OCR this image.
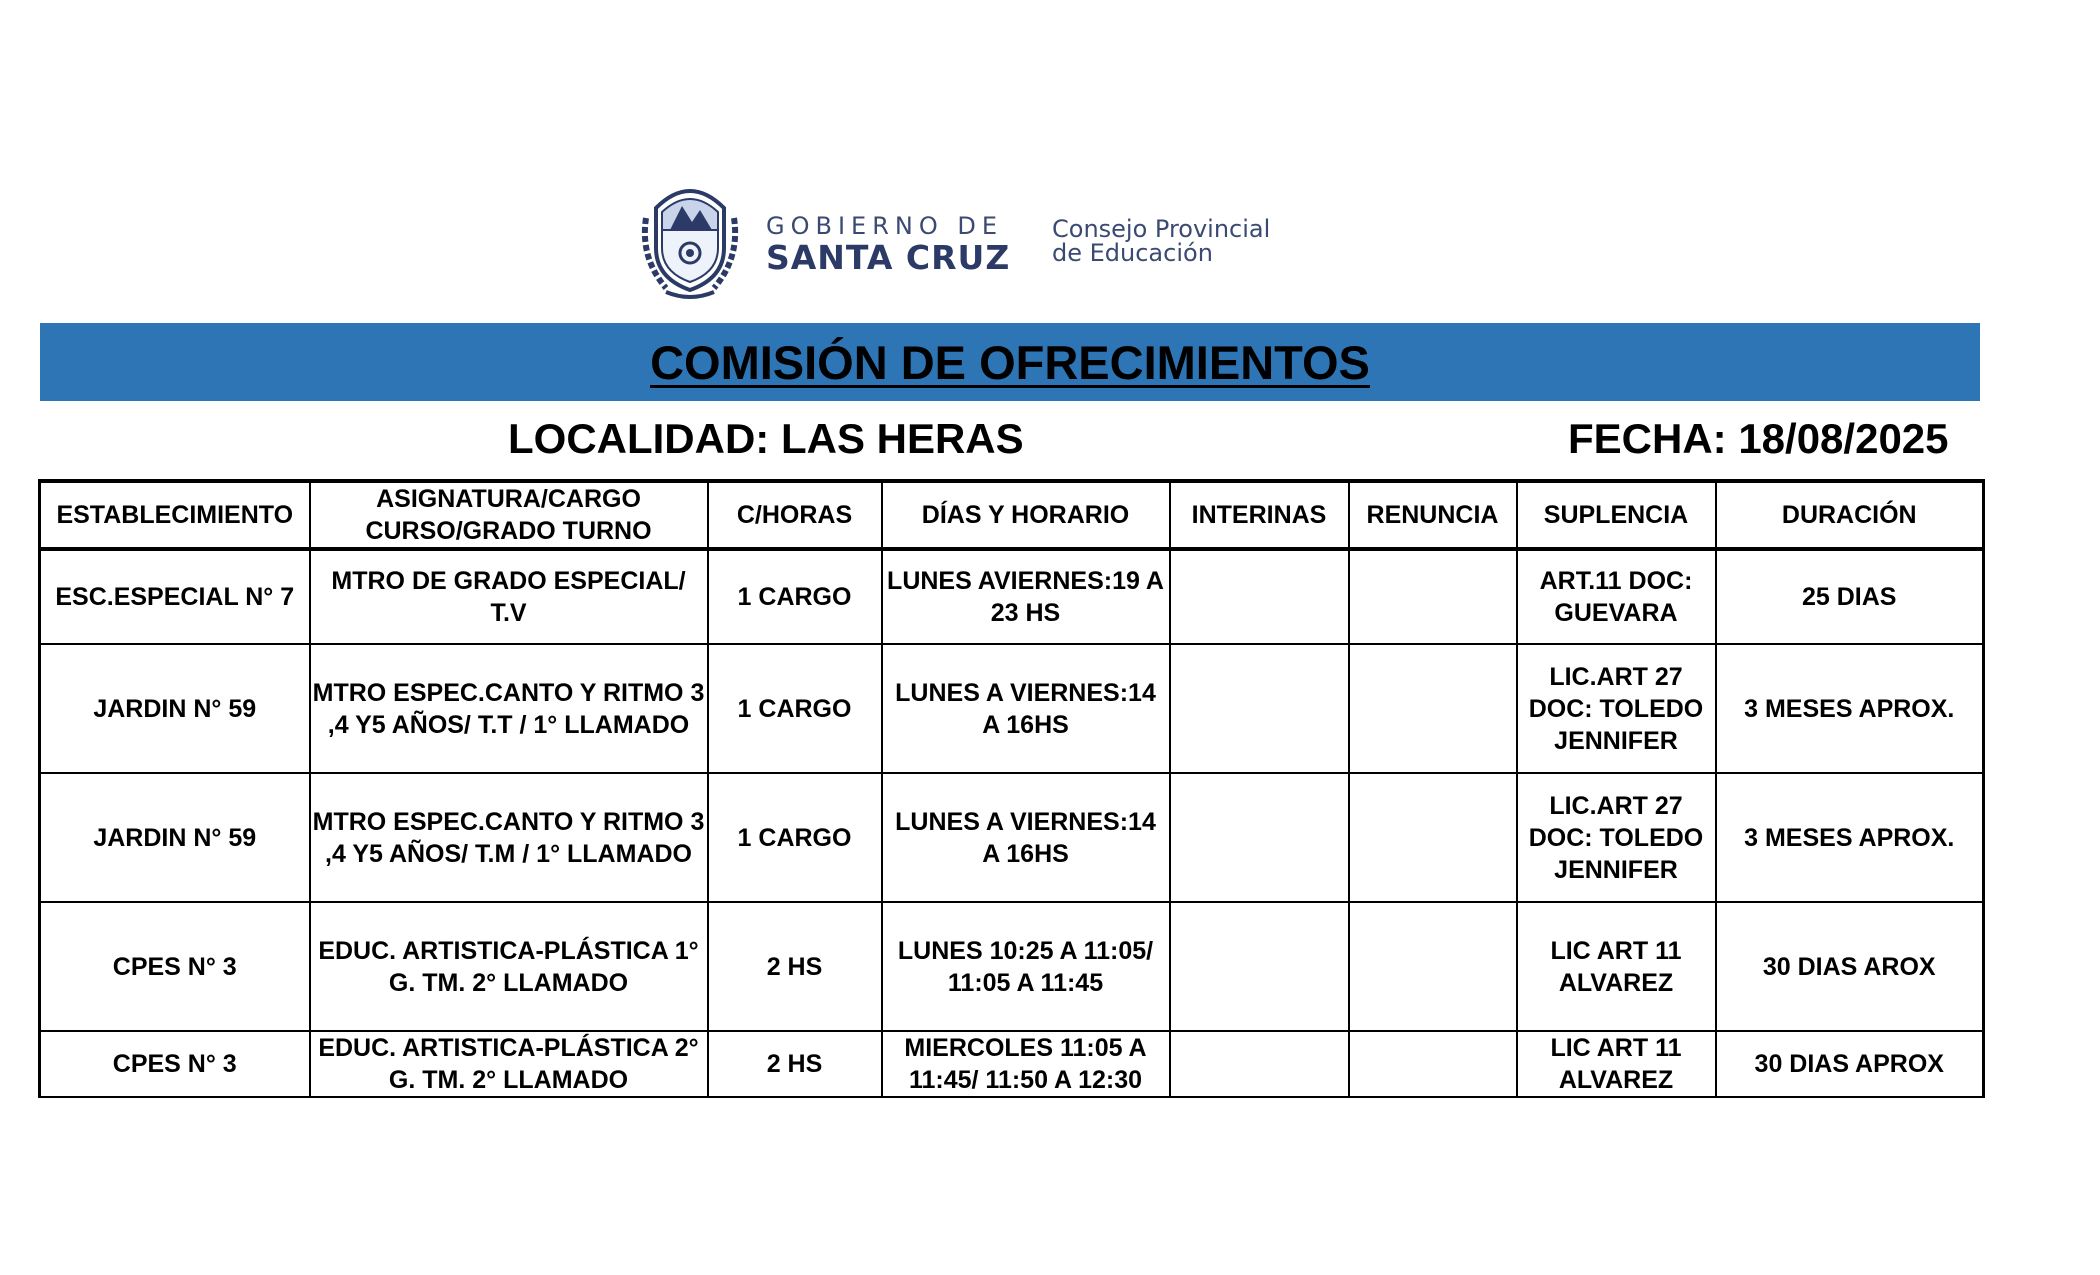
GOBIERNO DE
SANTA CRUZ
Consejo Provincial
de Educación
COMISIÓN DE OFRECIMIENTOS
LOCALIDAD: LAS HERAS	FECHA: 18/08/2025
ESTABLECIMIENTO	ASIGNATURA/CARGO CURSO/GRADO TURNO	C/HORAS	DÍAS Y HORARIO	INTERINAS	RENUNCIA	SUPLENCIA	DURACIÓN
ESC.ESPECIAL N° 7	MTRO DE GRADO ESPECIAL/ T.V	1 CARGO	LUNES AVIERNES:19 A 23 HS			ART.11 DOC: GUEVARA	25 DIAS
JARDIN N° 59	MTRO ESPEC.CANTO Y RITMO 3 ,4 Y5 AÑOS/ T.T / 1° LLAMADO	1 CARGO	LUNES A VIERNES:14 A 16HS			LIC.ART 27 DOC: TOLEDO JENNIFER	3 MESES APROX.
JARDIN N° 59	MTRO ESPEC.CANTO Y RITMO 3 ,4 Y5 AÑOS/ T.M / 1° LLAMADO	1 CARGO	LUNES A VIERNES:14 A 16HS			LIC.ART 27 DOC: TOLEDO JENNIFER	3 MESES APROX.
CPES N° 3	EDUC. ARTISTICA-PLÁSTICA 1° G. TM. 2° LLAMADO	2 HS	LUNES 10:25 A 11:05/ 11:05 A 11:45			LIC ART 11 ALVAREZ	30 DIAS AROX
CPES N° 3	EDUC. ARTISTICA-PLÁSTICA 2° G. TM. 2° LLAMADO	2 HS	MIERCOLES 11:05 A 11:45/ 11:50 A 12:30			LIC ART 11 ALVAREZ	30 DIAS APROX
